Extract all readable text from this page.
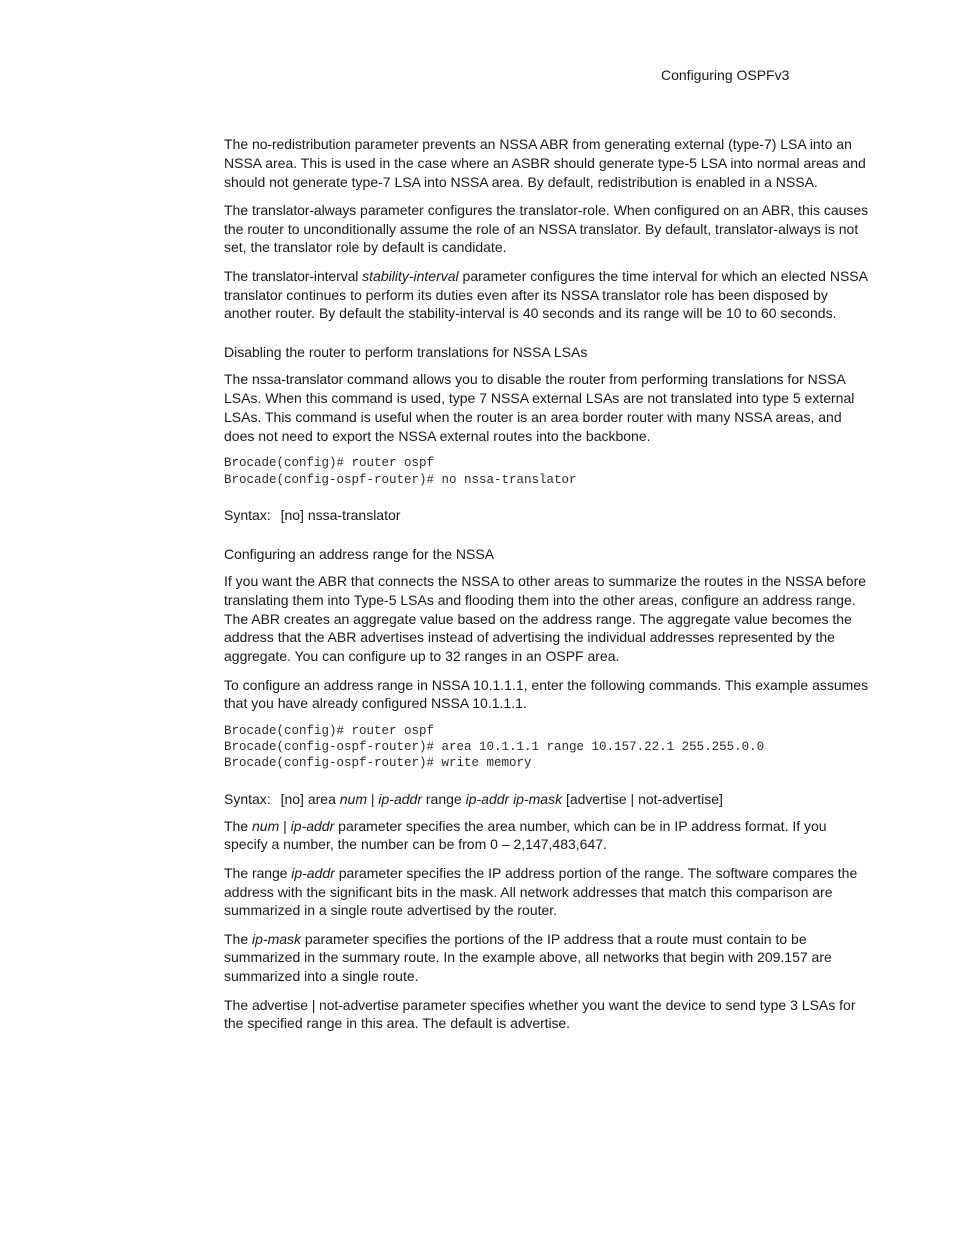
Configuring OSPFv3

The no-redistribution parameter prevents an NSSA ABR from generating external (type-7) LSA into an NSSA area. This is used in the case where an ASBR should generate type-5 LSA into normal areas and should not generate type-7 LSA into NSSA area. By default, redistribution is enabled in a NSSA.

The translator-always parameter configures the translator-role. When configured on an ABR, this causes the router to unconditionally assume the role of an NSSA translator. By default, translator-always is not set, the translator role by default is candidate.

The translator-interval stability-interval parameter configures the time interval for which an elected NSSA translator continues to perform its duties even after its NSSA translator role has been disposed by another router. By default the stability-interval is 40 seconds and its range will be 10 to 60 seconds.

Disabling the router to perform translations for NSSA LSAs

The nssa-translator command allows you to disable the router from performing translations for NSSA LSAs. When this command is used, type 7 NSSA external LSAs are not translated into type 5 external LSAs. This command is useful when the router is an area border router with many NSSA areas, and does not need to export the NSSA external routes into the backbone.

Brocade(config)# router ospf
Brocade(config-ospf-router)# no nssa-translator

Syntax: [no] nssa-translator

Configuring an address range for the NSSA

If you want the ABR that connects the NSSA to other areas to summarize the routes in the NSSA before translating them into Type-5 LSAs and flooding them into the other areas, configure an address range. The ABR creates an aggregate value based on the address range. The aggregate value becomes the address that the ABR advertises instead of advertising the individual addresses represented by the aggregate. You can configure up to 32 ranges in an OSPF area.

To configure an address range in NSSA 10.1.1.1, enter the following commands. This example assumes that you have already configured NSSA 10.1.1.1.

Brocade(config)# router ospf
Brocade(config-ospf-router)# area 10.1.1.1 range 10.157.22.1 255.255.0.0
Brocade(config-ospf-router)# write memory

Syntax: [no] area num | ip-addr range ip-addr ip-mask [advertise | not-advertise]

The num | ip-addr parameter specifies the area number, which can be in IP address format. If you specify a number, the number can be from 0 – 2,147,483,647.

The range ip-addr parameter specifies the IP address portion of the range. The software compares the address with the significant bits in the mask. All network addresses that match this comparison are summarized in a single route advertised by the router.

The ip-mask parameter specifies the portions of the IP address that a route must contain to be summarized in the summary route. In the example above, all networks that begin with 209.157 are summarized into a single route.

The advertise | not-advertise parameter specifies whether you want the device to send type 3 LSAs for the specified range in this area. The default is advertise.
